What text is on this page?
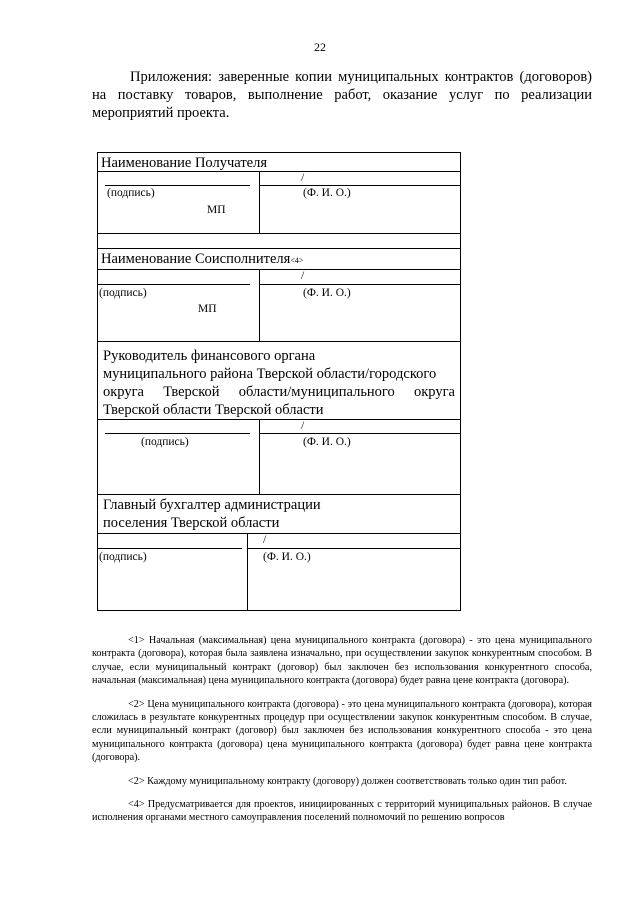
22
Приложения: заверенные копии муниципальных контрактов (договоров) на поставку товаров, выполнение работ, оказание услуг по реализации мероприятий проекта.
Наименование Получателя
/
(подпись)	(Ф. И. О.)
МП
Наименование Соисполнителя<4>
/
(подпись)	(Ф. И. О.)
МП
Руководитель финансового органа
муниципального района Тверской области/городского
округа Тверской области/муниципального округа
Тверской области Тверской области
/
(подпись)	(Ф. И. О.)
Главный бухгалтер администрации
поселения Тверской области
/
(подпись)	(Ф. И. О.)

<1> Начальная (максимальная) цена муниципального контракта (договора) - это цена муниципального контракта (договора), которая была заявлена изначально, при осуществлении закупок конкурентным способом. В случае, если муниципальный контракт (договор) был заключен без использования конкурентного способа, начальная (максимальная) цена муниципального контракта (договора) будет равна цене контракта (договора).

<2> Цена муниципального контракта (договора) - это цена муниципального контракта (договора), которая сложилась в результате конкурентных процедур при осуществлении закупок конкурентным способом. В случае, если муниципальный контракт (договор) был заключен без использования конкурентного способа - это цена муниципального контракта (договора) цена муниципального контракта (договора) будет равна цене контракта (договора).

<2> Каждому муниципальному контракту (договору) должен соответствовать только один тип работ.

<4> Предусматривается для проектов, инициированных с территорий муниципальных районов. В случае исполнения органами местного самоуправления поселений полномочий по решению вопросов
